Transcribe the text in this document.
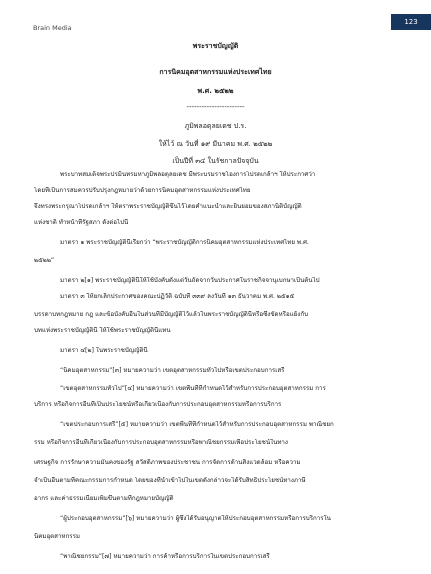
Brain Media
123
พระราชบัญญัติ
การนิคมอุตสาหกรรมแห่งประเทศไทย
พ.ศ. ๒๕๒๒
-----------------------
ภูมิพลอดุลยเดช ป.ร.
ให้ไว้ ณ วันที่ ๑๙ มีนาคม พ.ศ. ๒๕๒๒
เป็นปีที่ ๓๔ ในรัชกาลปัจจุบัน
พระบาทสมเด็จพระปรมินทรมหาภูมิพลอดุลยเดช มีพระบรมราชโองการโปรดเกล้าฯ ให้ประกาศว่า
โดยที่เป็นการสมควรปรับปรุงกฎหมายว่าด้วยการนิคมอุตสาหกรรมแห่งประเทศไทย
จึงทรงพระกรุณาโปรดเกล้าฯ ให้ตราพระราชบัญญัติขึ้นไว้โดยคำแนะนำและยินยอมของสภานิติบัญญัติ
แห่งชาติ ทำหน้าที่รัฐสภา ดังต่อไปนี้
มาตรา ๑ พระราชบัญญัตินี้เรียกว่า “พระราชบัญญัติการนิคมอุตสาหกรรมแห่งประเทศไทย พ.ศ.
๒๕๒๒”
มาตรา ๒[๑] พระราชบัญญัตินี้ให้ใช้บังคับตั้งแต่วันถัดจากวันประกาศในราชกิจจานุเบกษาเป็นต้นไป
มาตรา ๓ ให้ยกเลิกประกาศของคณะปฏิวัติ ฉบับที่ ๓๓๙ ลงวันที่ ๑๓ ธันวาคม พ.ศ. ๒๕๑๕
บรรดาบทกฎหมาย กฎ และข้อบังคับอื่นในส่วนที่มีบัญญัติไว้แล้วในพระราชบัญญัตินี้หรือซึ่งขัดหรือแย้งกับ
บทแห่งพระราชบัญญัตินี้ ให้ใช้พระราชบัญญัตินี้แทน
มาตรา ๔[๒] ในพระราชบัญญัตินี้
“นิคมอุตสาหกรรม”[๓] หมายความว่า เขตอุตสาหกรรมทั่วไปหรือเขตประกอบการเสรี
“เขตอุตสาหกรรมทั่วไป”[๔] หมายความว่า เขตพื้นที่ที่กำหนดไว้สำหรับการประกอบอุตสาหกรรม การ
บริการ หรือกิจการอื่นที่เป็นประโยชน์หรือเกี่ยวเนื่องกับการประกอบอุตสาหกรรมหรือการบริการ
“เขตประกอบการเสรี”[๕] หมายความว่า เขตพื้นที่ที่กำหนดไว้สำหรับการประกอบอุตสาหกรรม พาณิชยก
รรม หรือกิจการอื่นที่เกี่ยวเนื่องกับการประกอบอุตสาหกรรมหรือพาณิชยกรรมเพื่อประโยชน์ในทาง
เศรษฐกิจ การรักษาความมั่นคงของรัฐ สวัสดิภาพของประชาชน การจัดการด้านสิ่งแวดล้อม หรือความ
จำเป็นอื่นตามที่คณะกรรมการกำหนด โดยของที่นำเข้าไปในเขตดังกล่าวจะได้รับสิทธิประโยชน์ทางภาษี
อากร และค่าธรรมเนียมเพิ่มขึ้นตามที่กฎหมายบัญญัติ
“ผู้ประกอบอุตสาหกรรม”[๖] หมายความว่า ผู้ซึ่งได้รับอนุญาตให้ประกอบอุตสาหกรรมหรือการบริการใน
นิคมอุตสาหกรรม
“พาณิชยกรรม”[๗] หมายความว่า การค้าหรือการบริการในเขตประกอบการเสรี
